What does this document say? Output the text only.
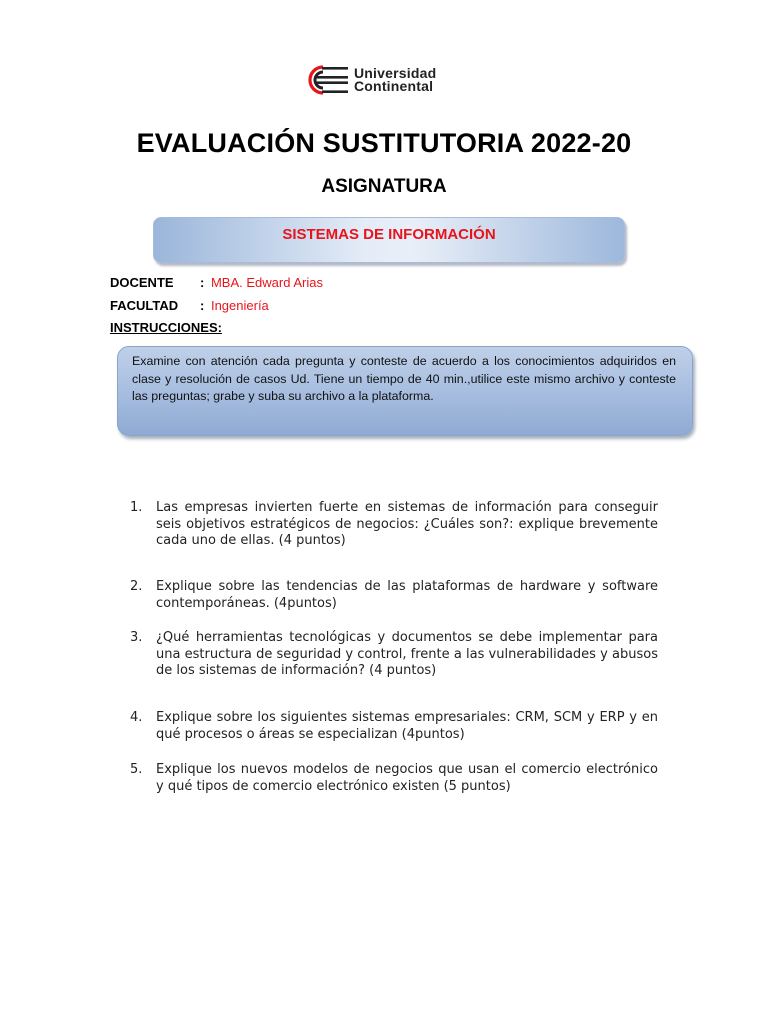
Universidad
Continental
EVALUACIÓN SUSTITUTORIA 2022-20
ASIGNATURA
SISTEMAS DE INFORMACIÓN
DOCENTE : MBA. Edward Arias
FACULTAD : Ingeniería
INSTRUCCIONES:
Examine con atención cada pregunta y conteste de acuerdo a los conocimientos adquiridos en clase y resolución de casos Ud. Tiene un tiempo de 40 min.,utilice este mismo archivo y conteste las preguntas; grabe y suba su archivo a la plataforma.
1.	Las empresas invierten fuerte en sistemas de información para conseguir seis objetivos estratégicos de negocios: ¿Cuáles son?: explique brevemente cada uno de ellas. (4 puntos)
2.	Explique sobre las tendencias de las plataformas de hardware y software contemporáneas. (4puntos)
3.	¿Qué herramientas tecnológicas y documentos se debe implementar para una estructura de seguridad y control, frente a las vulnerabilidades y abusos de los sistemas de información? (4 puntos)
4.	Explique sobre los siguientes sistemas empresariales: CRM, SCM y ERP y en qué procesos o áreas se especializan (4puntos)
5.	Explique los nuevos modelos de negocios que usan el comercio electrónico y qué tipos de comercio electrónico existen (5 puntos)
